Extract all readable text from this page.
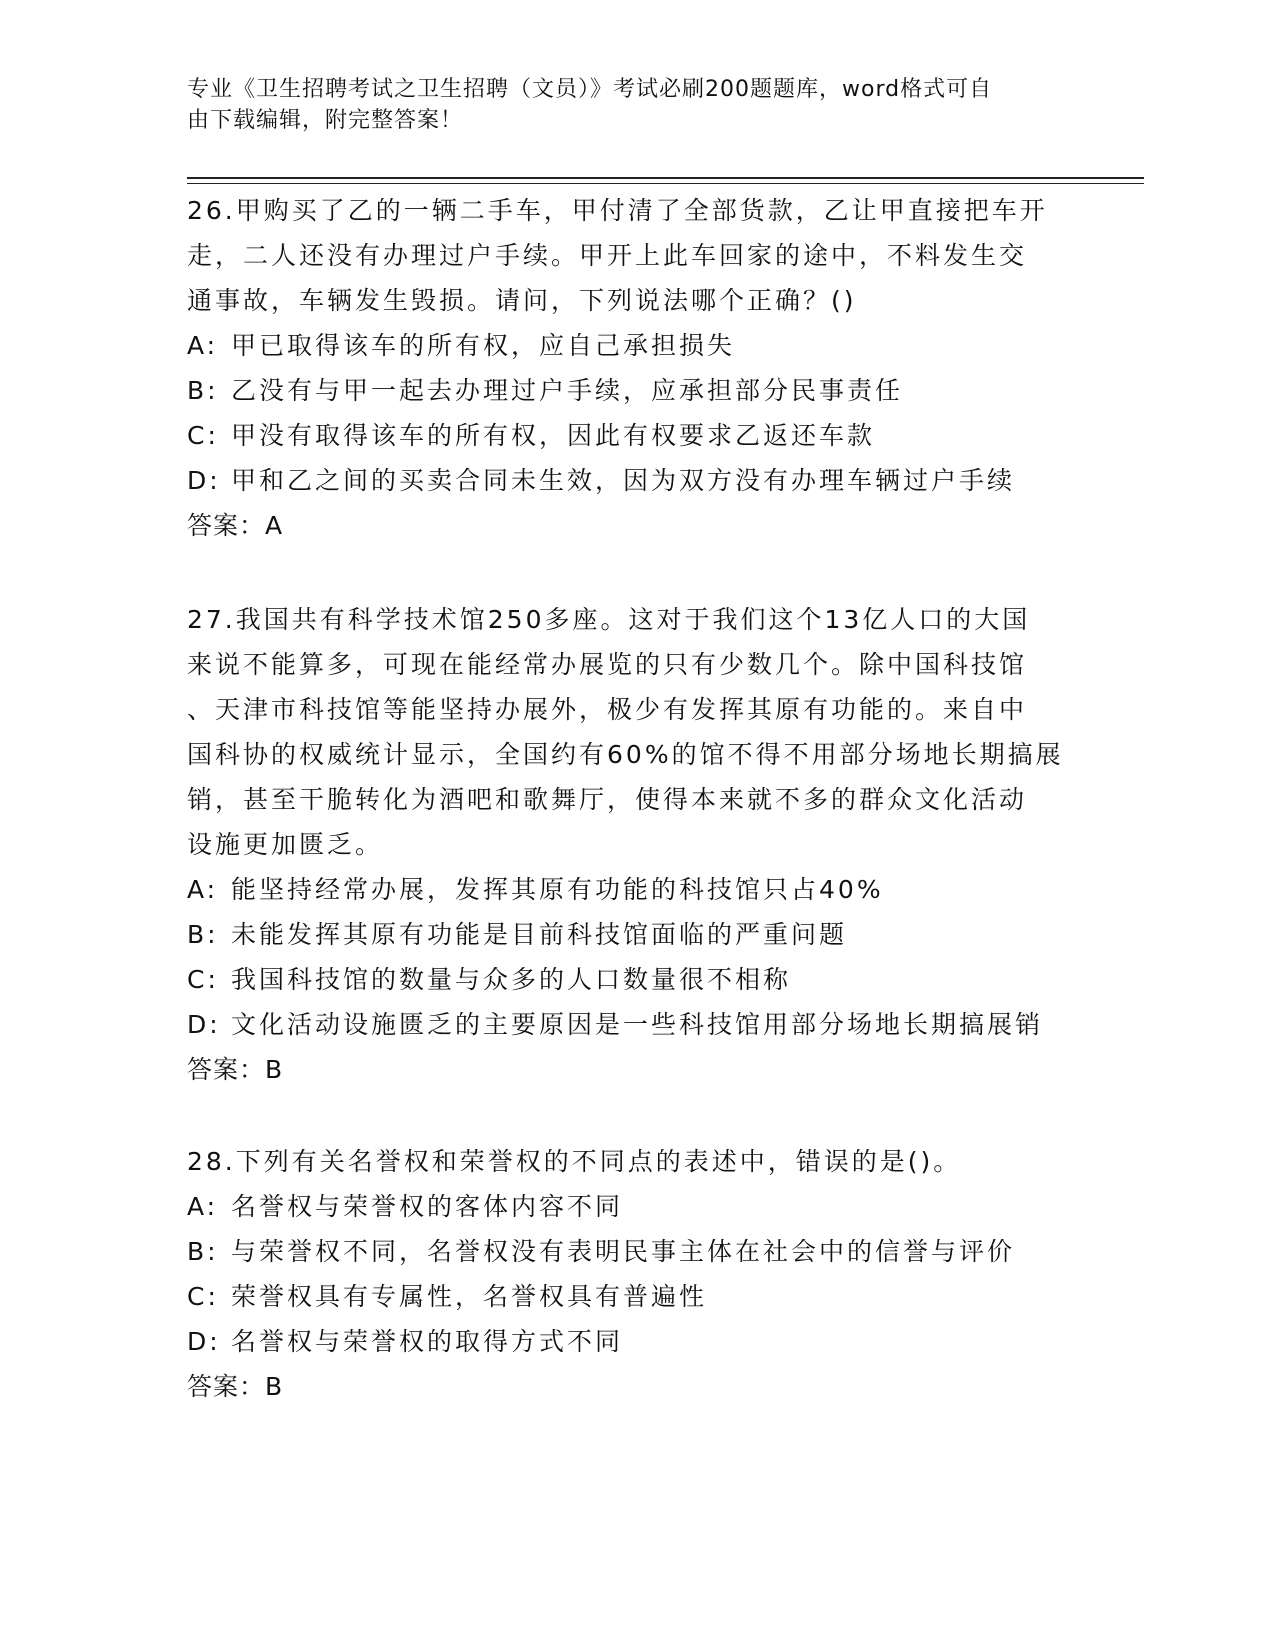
专业《卫生招聘考试之卫生招聘（文员）》考试必刷200题题库，word格式可自
由下载编辑，附完整答案！

26.甲购买了乙的一辆二手车，甲付清了全部货款，乙让甲直接把车开

走，二人还没有办理过户手续。甲开上此车回家的途中，不料发生交

通事故，车辆发生毁损。请问，下列说法哪个正确？()

A: 甲已取得该车的所有权，应自己承担损失

B: 乙没有与甲一起去办理过户手续，应承担部分民事责任

C: 甲没有取得该车的所有权，因此有权要求乙返还车款

D: 甲和乙之间的买卖合同未生效，因为双方没有办理车辆过户手续

答案：A

27.我国共有科学技术馆250多座。这对于我们这个13亿人口的大国

来说不能算多，可现在能经常办展览的只有少数几个。除中国科技馆

、天津市科技馆等能坚持办展外，极少有发挥其原有功能的。来自中

国科协的权威统计显示，全国约有60%的馆不得不用部分场地长期搞展

销，甚至干脆转化为酒吧和歌舞厅，使得本来就不多的群众文化活动

设施更加匮乏。

A: 能坚持经常办展，发挥其原有功能的科技馆只占40%

B: 未能发挥其原有功能是目前科技馆面临的严重问题

C: 我国科技馆的数量与众多的人口数量很不相称

D: 文化活动设施匮乏的主要原因是一些科技馆用部分场地长期搞展销

答案：B

28.下列有关名誉权和荣誉权的不同点的表述中，错误的是()。

A: 名誉权与荣誉权的客体内容不同

B: 与荣誉权不同，名誉权没有表明民事主体在社会中的信誉与评价

C: 荣誉权具有专属性，名誉权具有普遍性

D: 名誉权与荣誉权的取得方式不同

答案：B
